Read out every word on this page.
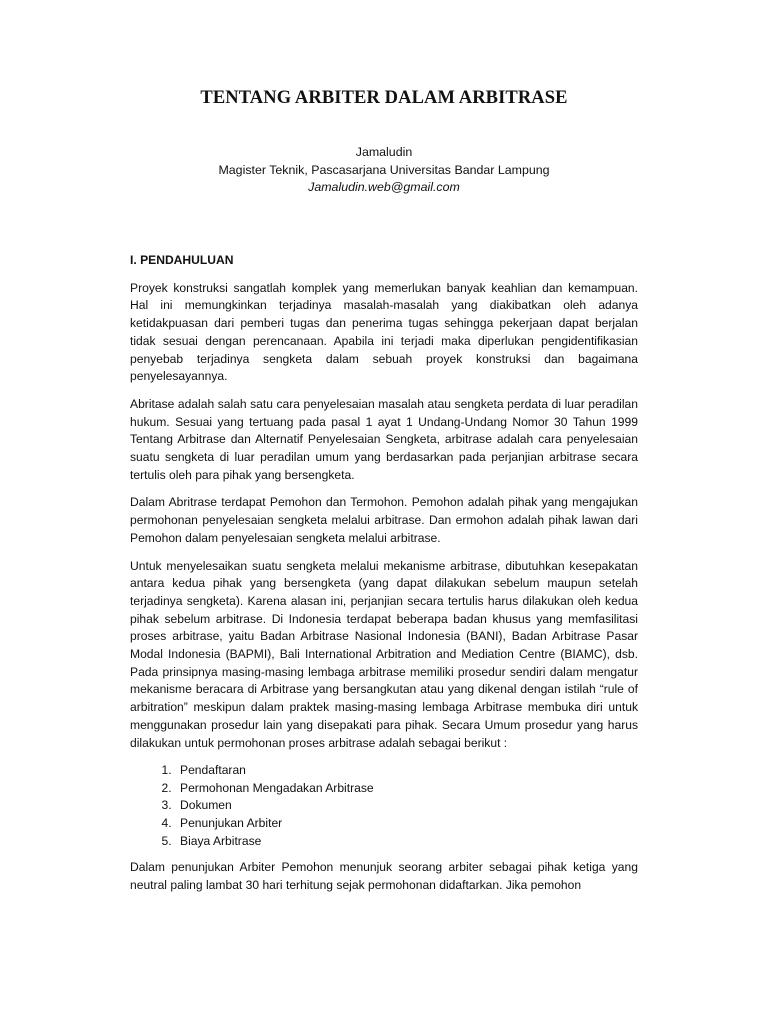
TENTANG ARBITER DALAM ARBITRASE
Jamaludin
Magister Teknik, Pascasarjana Universitas Bandar Lampung
Jamaludin.web@gmail.com
I. PENDAHULUAN

Proyek konstruksi sangatlah komplek yang memerlukan banyak keahlian dan kemampuan. Hal ini memungkinkan terjadinya masalah-masalah yang diakibatkan oleh adanya ketidakpuasan dari pemberi tugas dan penerima tugas sehingga pekerjaan dapat berjalan tidak sesuai dengan perencanaan. Apabila ini terjadi maka diperlukan pengidentifikasian penyebab terjadinya sengketa dalam sebuah proyek konstruksi dan bagaimana penyelesayannya.

Abritase adalah salah satu cara penyelesaian masalah atau sengketa perdata di luar peradilan hukum. Sesuai yang tertuang pada pasal 1 ayat 1 Undang-Undang Nomor 30 Tahun 1999 Tentang Arbitrase dan Alternatif Penyelesaian Sengketa, arbitrase adalah cara penyelesaian suatu sengketa di luar peradilan umum yang berdasarkan pada perjanjian arbitrase secara tertulis oleh para pihak yang bersengketa.

Dalam Abritrase terdapat Pemohon dan Termohon. Pemohon adalah pihak yang mengajukan permohonan penyelesaian sengketa melalui arbitrase. Dan ermohon adalah pihak lawan dari Pemohon dalam penyelesaian sengketa melalui arbitrase.

Untuk menyelesaikan suatu sengketa melalui mekanisme arbitrase, dibutuhkan kesepakatan antara kedua pihak yang bersengketa (yang dapat dilakukan sebelum maupun setelah terjadinya sengketa). Karena alasan ini, perjanjian secara tertulis harus dilakukan oleh kedua pihak sebelum arbitrase. Di Indonesia terdapat beberapa badan khusus yang memfasilitasi proses arbitrase, yaitu Badan Arbitrase Nasional Indonesia (BANI), Badan Arbitrase Pasar Modal Indonesia (BAPMI), Bali International Arbitration and Mediation Centre (BIAMC), dsb. Pada prinsipnya masing-masing lembaga arbitrase memiliki prosedur sendiri dalam mengatur mekanisme beracara di Arbitrase yang bersangkutan atau yang dikenal dengan istilah “rule of arbitration” meskipun dalam praktek masing-masing lembaga Arbitrase membuka diri untuk menggunakan prosedur lain yang disepakati para pihak. Secara Umum prosedur yang harus dilakukan untuk permohonan proses arbitrase adalah sebagai berikut :

1. Pendaftaran
2. Permohonan Mengadakan Arbitrase
3. Dokumen
4. Penunjukan Arbiter
5. Biaya Arbitrase

Dalam penunjukan Arbiter Pemohon menunjuk seorang arbiter sebagai pihak ketiga yang neutral paling lambat 30 hari terhitung sejak permohonan didaftarkan. Jika pemohon
